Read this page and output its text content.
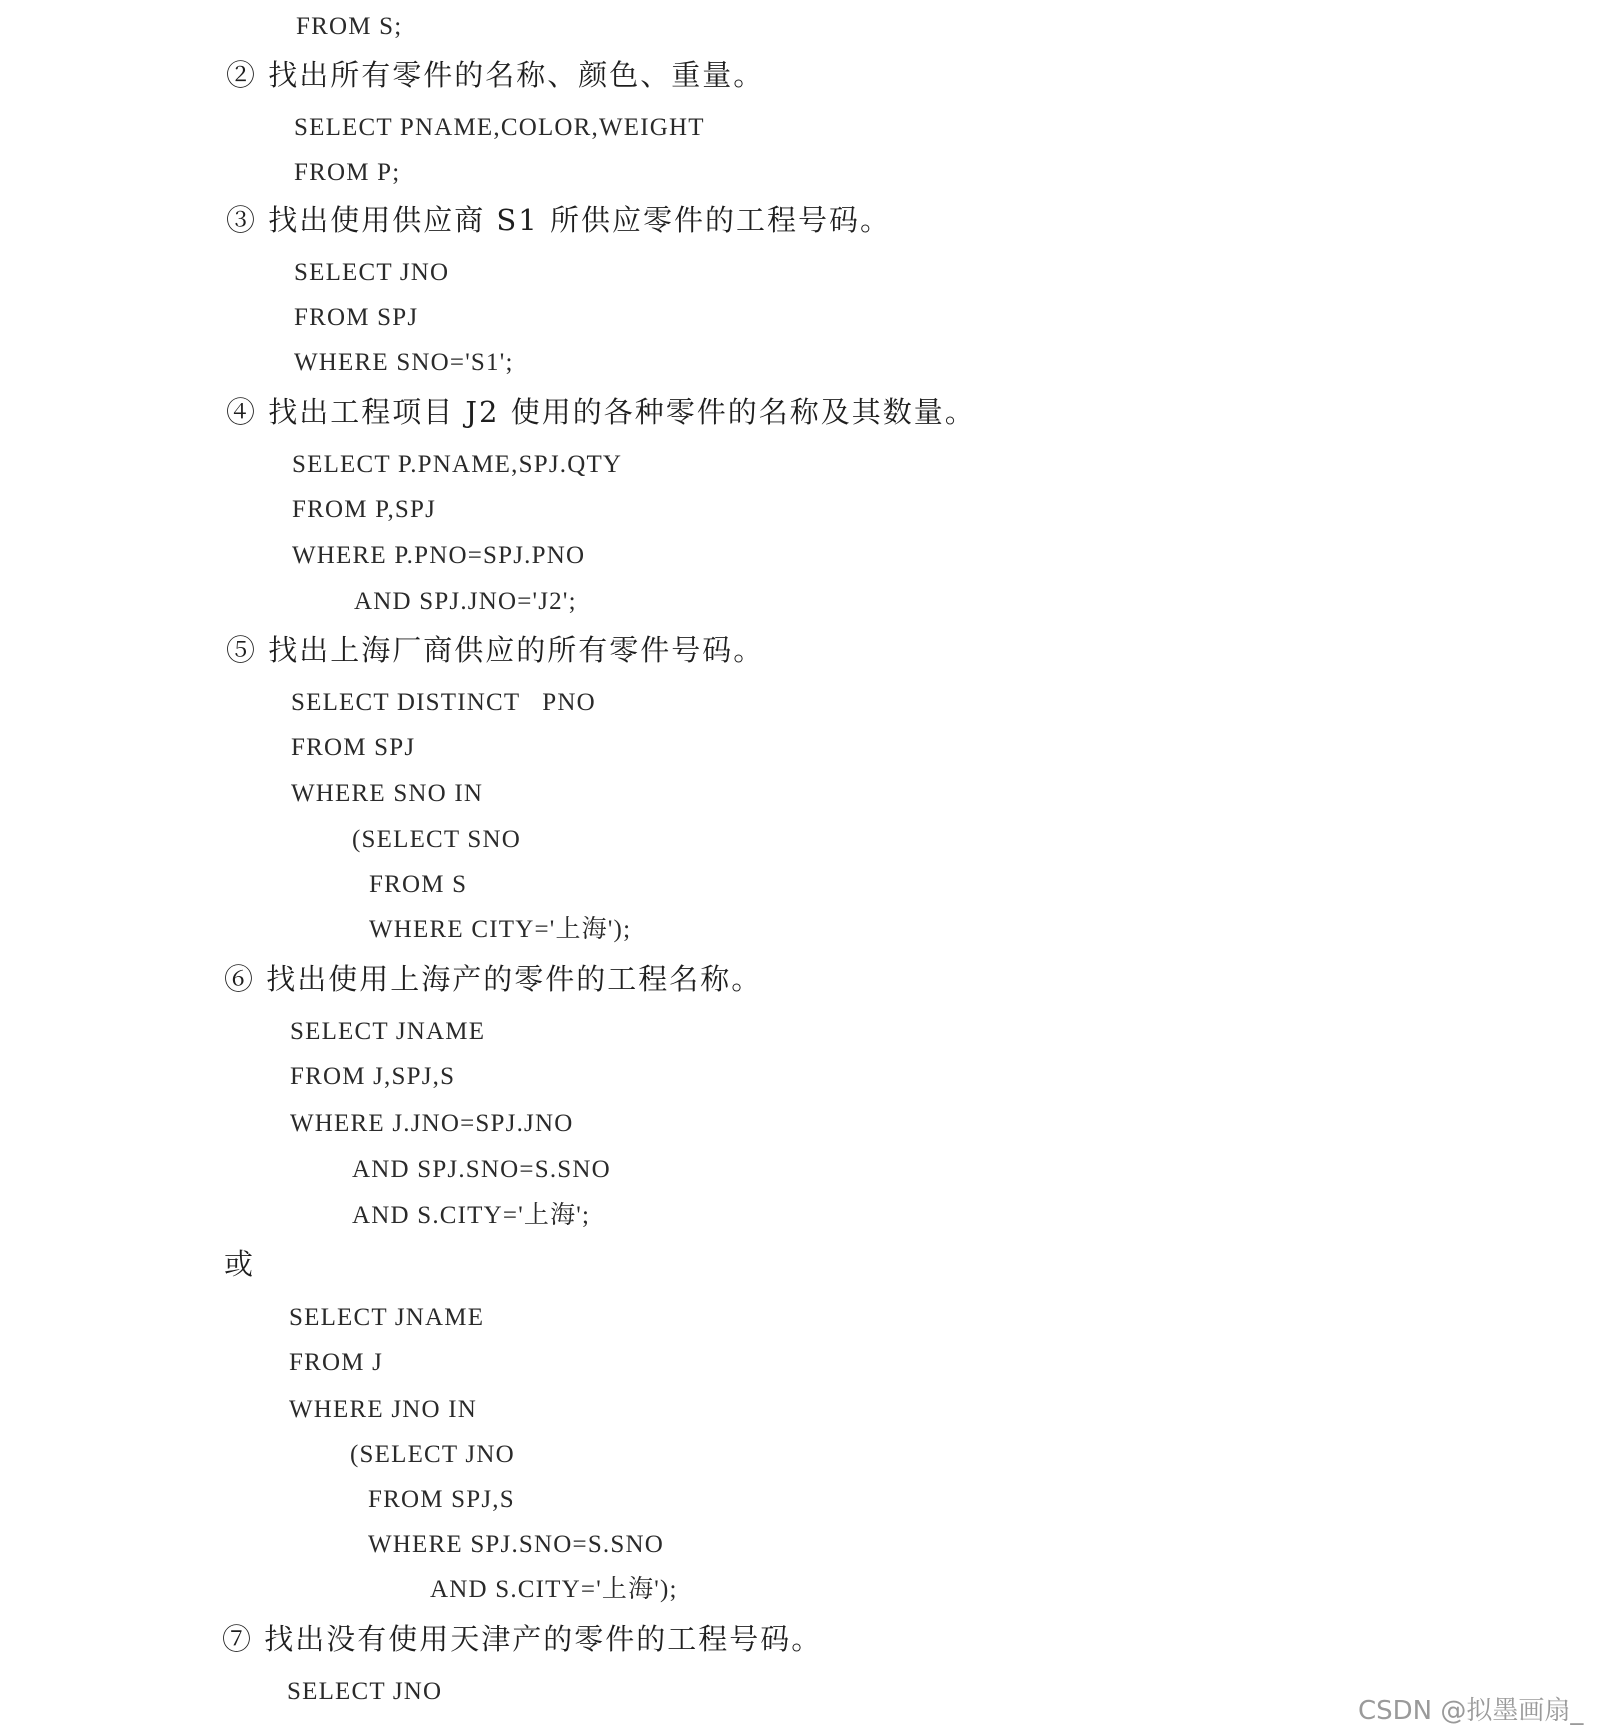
FROM S;
② 找出所有零件的名称、颜色、重量。
SELECT PNAME,COLOR,WEIGHT
FROM P;
③ 找出使用供应商 S1 所供应零件的工程号码。
SELECT JNO
FROM SPJ
WHERE SNO='S1';
④ 找出工程项目 J2 使用的各种零件的名称及其数量。
SELECT P.PNAME,SPJ.QTY
FROM P,SPJ
WHERE P.PNO=SPJ.PNO
AND SPJ.JNO='J2';
⑤ 找出上海厂商供应的所有零件号码。
SELECT DISTINCT   PNO
FROM SPJ
WHERE SNO IN
(SELECT SNO
FROM S
WHERE CITY='上海');
⑥ 找出使用上海产的零件的工程名称。
SELECT JNAME
FROM J,SPJ,S
WHERE J.JNO=SPJ.JNO
AND SPJ.SNO=S.SNO
AND S.CITY='上海';
或
SELECT JNAME
FROM J
WHERE JNO IN
(SELECT JNO
FROM SPJ,S
WHERE SPJ.SNO=S.SNO
AND S.CITY='上海');
⑦ 找出没有使用天津产的零件的工程号码。
SELECT JNO
CSDN @拟墨画扇_
